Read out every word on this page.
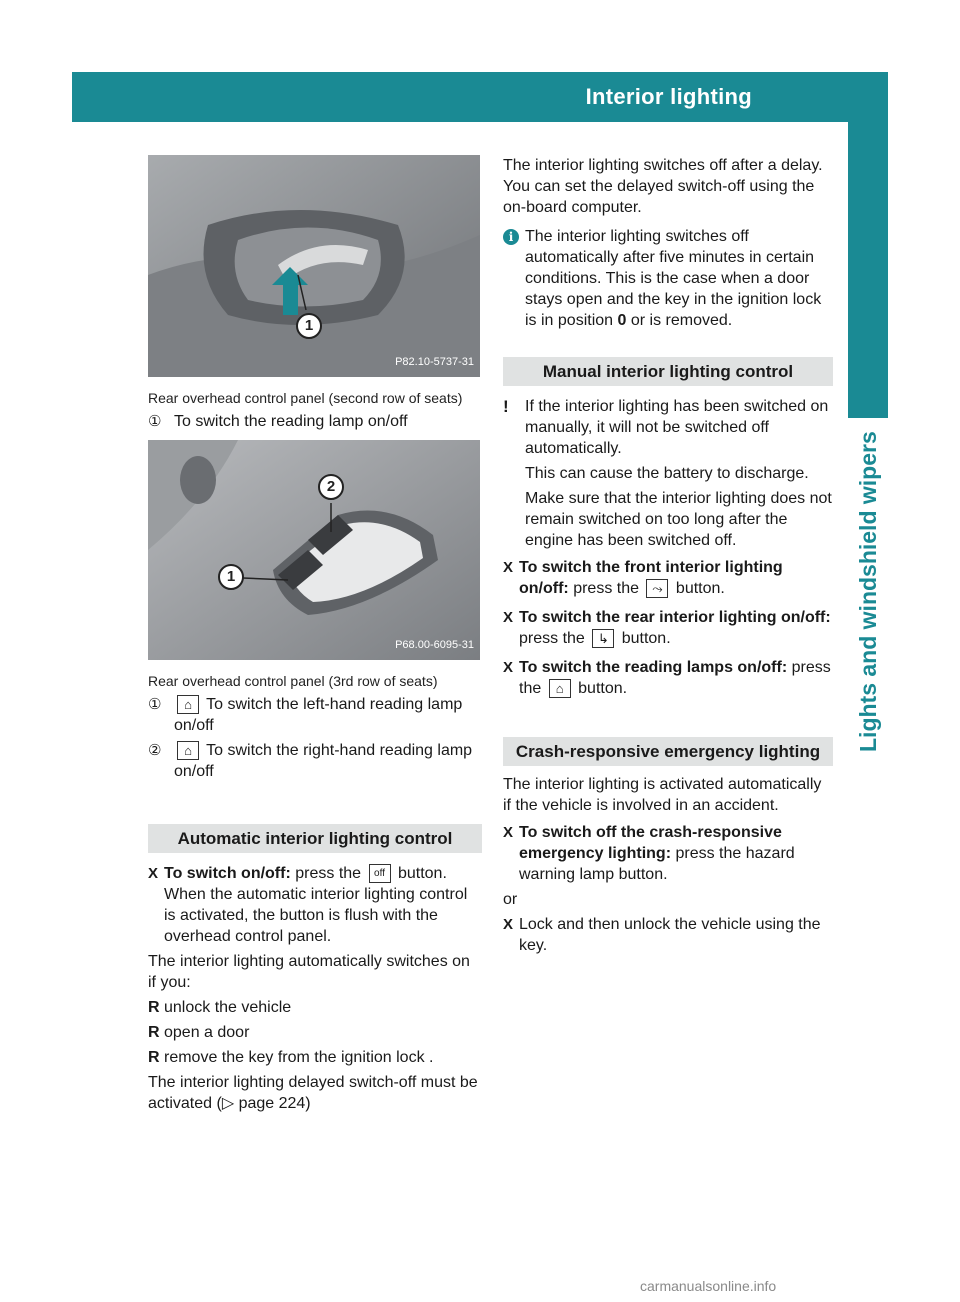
Interior lighting	119
Lights and windshield wipers
1
P82.10-5737-31
Rear overhead control panel (second row of seats)
① To switch the reading lamp on/off
2
1
P68.00-6095-31
Rear overhead control panel (3rd row of seats)
①	⌂ To switch the left-hand reading lamp on/off
②	⌂ To switch the right-hand reading lamp on/off
Automatic interior lighting control
X To switch on/off: press the off button.
When the automatic interior lighting control is activated, the button is flush with the overhead control panel.

The interior lighting automatically switches on if you:

R unlock the vehicle
R open a door
R remove the key from the ignition lock .

The interior lighting delayed switch-off must be activated (▷ page 224)

The interior lighting switches off after a delay. You can set the delayed switch-off using the on-board computer.

i The interior lighting switches off automatically after five minutes in certain conditions. This is the case when a door stays open and the key in the ignition lock is in position 0 or is removed.
Manual interior lighting control
!	If the interior lighting has been switched on manually, it will not be switched off automatically.
This can cause the battery to discharge.
Make sure that the interior lighting does not remain switched on too long after the engine has been switched off.
X To switch the front interior lighting on/off: press the ⤳ button.
X To switch the rear interior lighting on/off: press the ↳ button.
X To switch the reading lamps on/off: press the ⌂ button.
Crash-responsive emergency lighting

The interior lighting is activated automatically if the vehicle is involved in an accident.

X To switch off the crash-responsive emergency lighting: press the hazard warning lamp button.

or

X Lock and then unlock the vehicle using the key.
carmanualsonline.info
